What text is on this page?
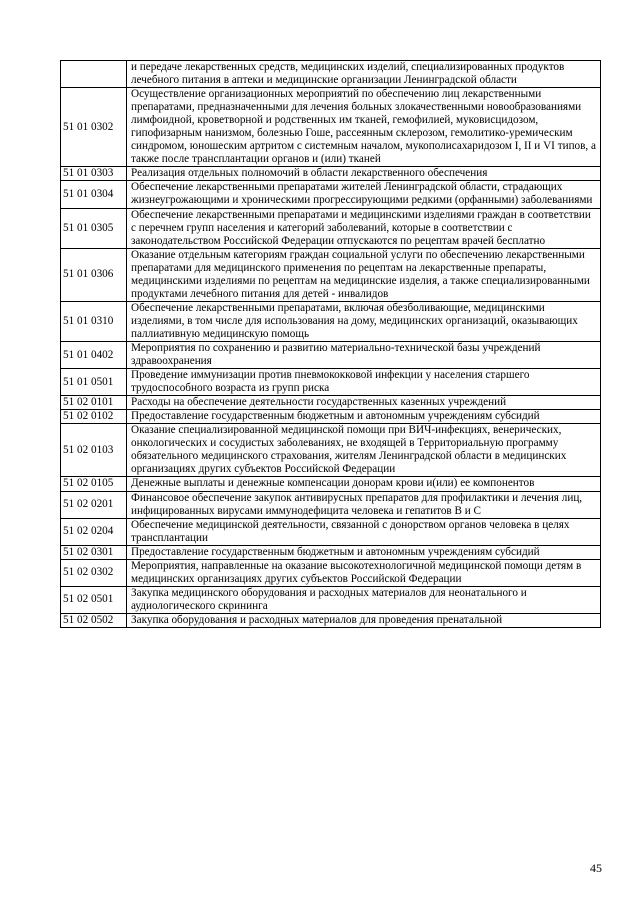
	и передаче лекарственных средств, медицинских изделий, специализированных продуктов лечебного питания в аптеки и медицинские организации Ленинградской области
51 01 0302	Осуществление организационных мероприятий по обеспечению лиц лекарственными препаратами, предназначенными для лечения больных злокачественными новообразованиями лимфоидной, кроветворной и родственных им тканей, гемофилией, муковисцидозом, гипофизарным нанизмом, болезнью Гоше, рассеянным склерозом, гемолитико-уремическим синдромом, юношеским артритом с системным началом, мукополисахаридозом I, II и VI типов, а также после трансплантации органов и (или) тканей
51 01 0303	Реализация отдельных полномочий в области лекарственного обеспечения
51 01 0304	Обеспечение лекарственными препаратами жителей Ленинградской области, страдающих жизнеугрожающими и хроническими прогрессирующими редкими (орфанными) заболеваниями
51 01 0305	Обеспечение лекарственными препаратами и медицинскими изделиями граждан в соответствии с перечнем групп населения и категорий заболеваний, которые в соответствии с законодательством Российской Федерации отпускаются по рецептам врачей бесплатно
51 01 0306	Оказание отдельным категориям граждан социальной услуги по обеспечению лекарственными препаратами для медицинского применения по рецептам на лекарственные препараты, медицинскими изделиями по рецептам на медицинские изделия, а также специализированными продуктами лечебного питания для детей - инвалидов
51 01 0310	Обеспечение лекарственными препаратами, включая обезболивающие, медицинскими изделиями, в том числе для использования на дому, медицинских организаций, оказывающих паллиативную медицинскую помощь
51 01 0402	Мероприятия по сохранению и развитию материально-технической базы учреждений здравоохранения
51 01 0501	Проведение иммунизации против пневмококковой инфекции у населения старшего трудоспособного возраста из групп риска
51 02 0101	Расходы на обеспечение деятельности государственных казенных учреждений
51 02 0102	Предоставление государственным бюджетным и автономным учреждениям субсидий
51 02 0103	Оказание специализированной медицинской помощи при ВИЧ-инфекциях, венерических, онкологических и сосудистых заболеваниях, не входящей в Территориальную программу обязательного медицинского страхования, жителям Ленинградской области в медицинских организациях других субъектов Российской Федерации
51 02 0105	Денежные выплаты и денежные компенсации донорам крови и(или) ее компонентов
51 02 0201	Финансовое обеспечение закупок антивирусных препаратов для профилактики и лечения лиц, инфицированных вирусами иммунодефицита человека и гепатитов B и C
51 02 0204	Обеспечение медицинской деятельности, связанной с донорством органов человека в целях трансплантации
51 02 0301	Предоставление государственным бюджетным и автономным учреждениям субсидий
51 02 0302	Мероприятия, направленные на оказание высокотехнологичной медицинской помощи детям в медицинских организациях других субъектов Российской Федерации
51 02 0501	Закупка медицинского оборудования и расходных материалов для неонатального и аудиологического скрининга
51 02 0502	Закупка оборудования и расходных материалов для проведения пренатальной
45
